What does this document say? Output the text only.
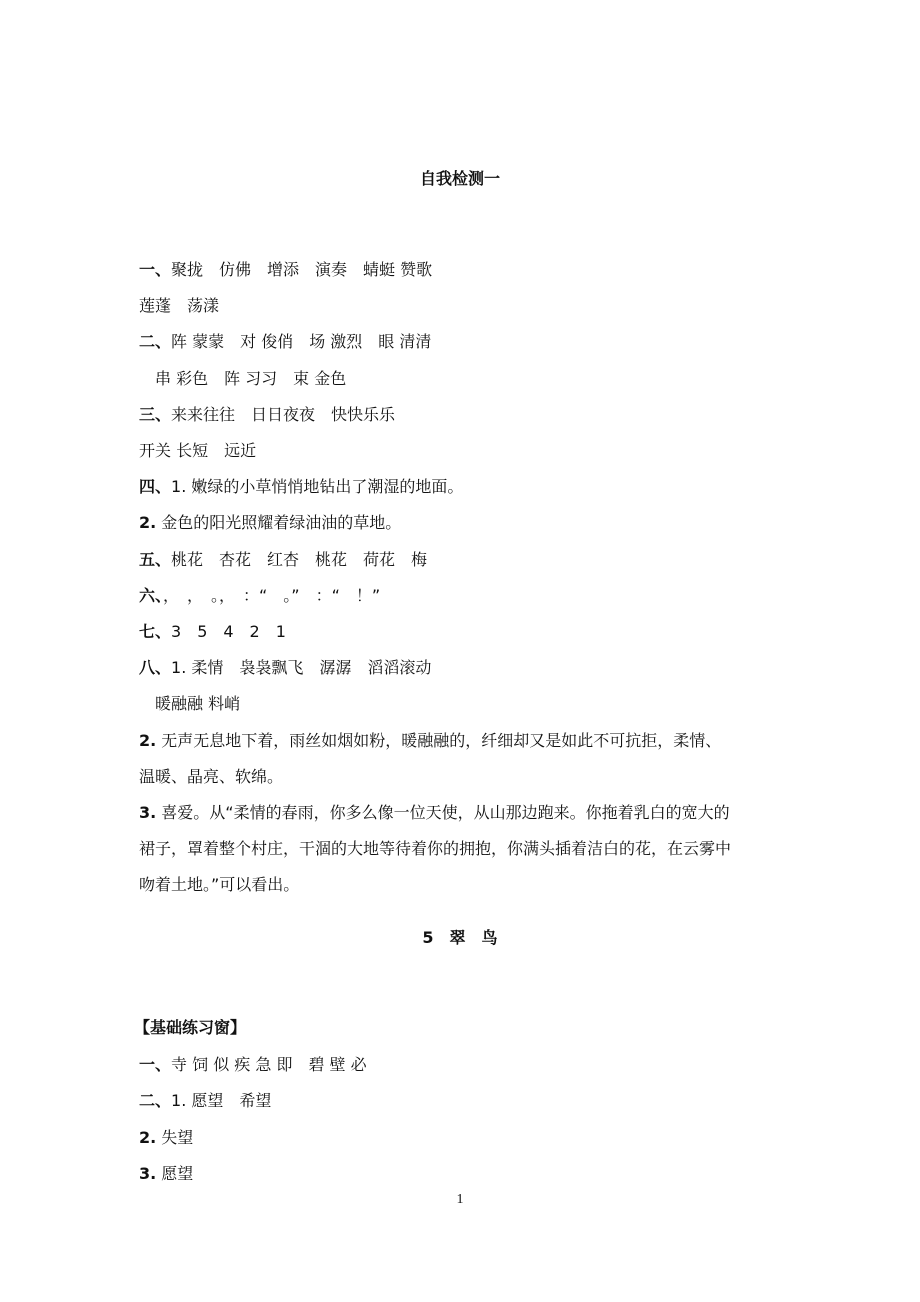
自我检测一
一、聚拢　仿佛　增添　演奏　蜻蜓 赞歌
莲蓬　荡漾
二、阵 蒙蒙　对 俊俏　场 激烈　眼 清清
　串 彩色　阵 习习　束 金色
三、来来往往　日日夜夜　快快乐乐
开关 长短　远近
四、1. 嫩绿的小草悄悄地钻出了潮湿的地面。
2. 金色的阳光照耀着绿油油的草地。
五、桃花　杏花　红杏　桃花　荷花　梅
六、，　，　。，　：“　。”　：“　！”
七、3　5　4　2　1
八、1. 柔情　袅袅飘飞　潺潺　滔滔滚动
　暖融融 料峭
2. 无声无息地下着，雨丝如烟如粉，暖融融的，纤细却又是如此不可抗拒，柔情、
温暖、晶亮、软绵。
3. 喜爱。从“柔情的春雨，你多么像一位天使，从山那边跑来。你拖着乳白的宽大的
裙子，罩着整个村庄，干涸的大地等待着你的拥抱，你满头插着洁白的花，在云雾中
吻着土地。”可以看出。
5　翠　鸟
【基础练习窗】
一、寺 饲 似 疾 急 即　碧 壁 必
二、1. 愿望　希望
2. 失望
3. 愿望
1
